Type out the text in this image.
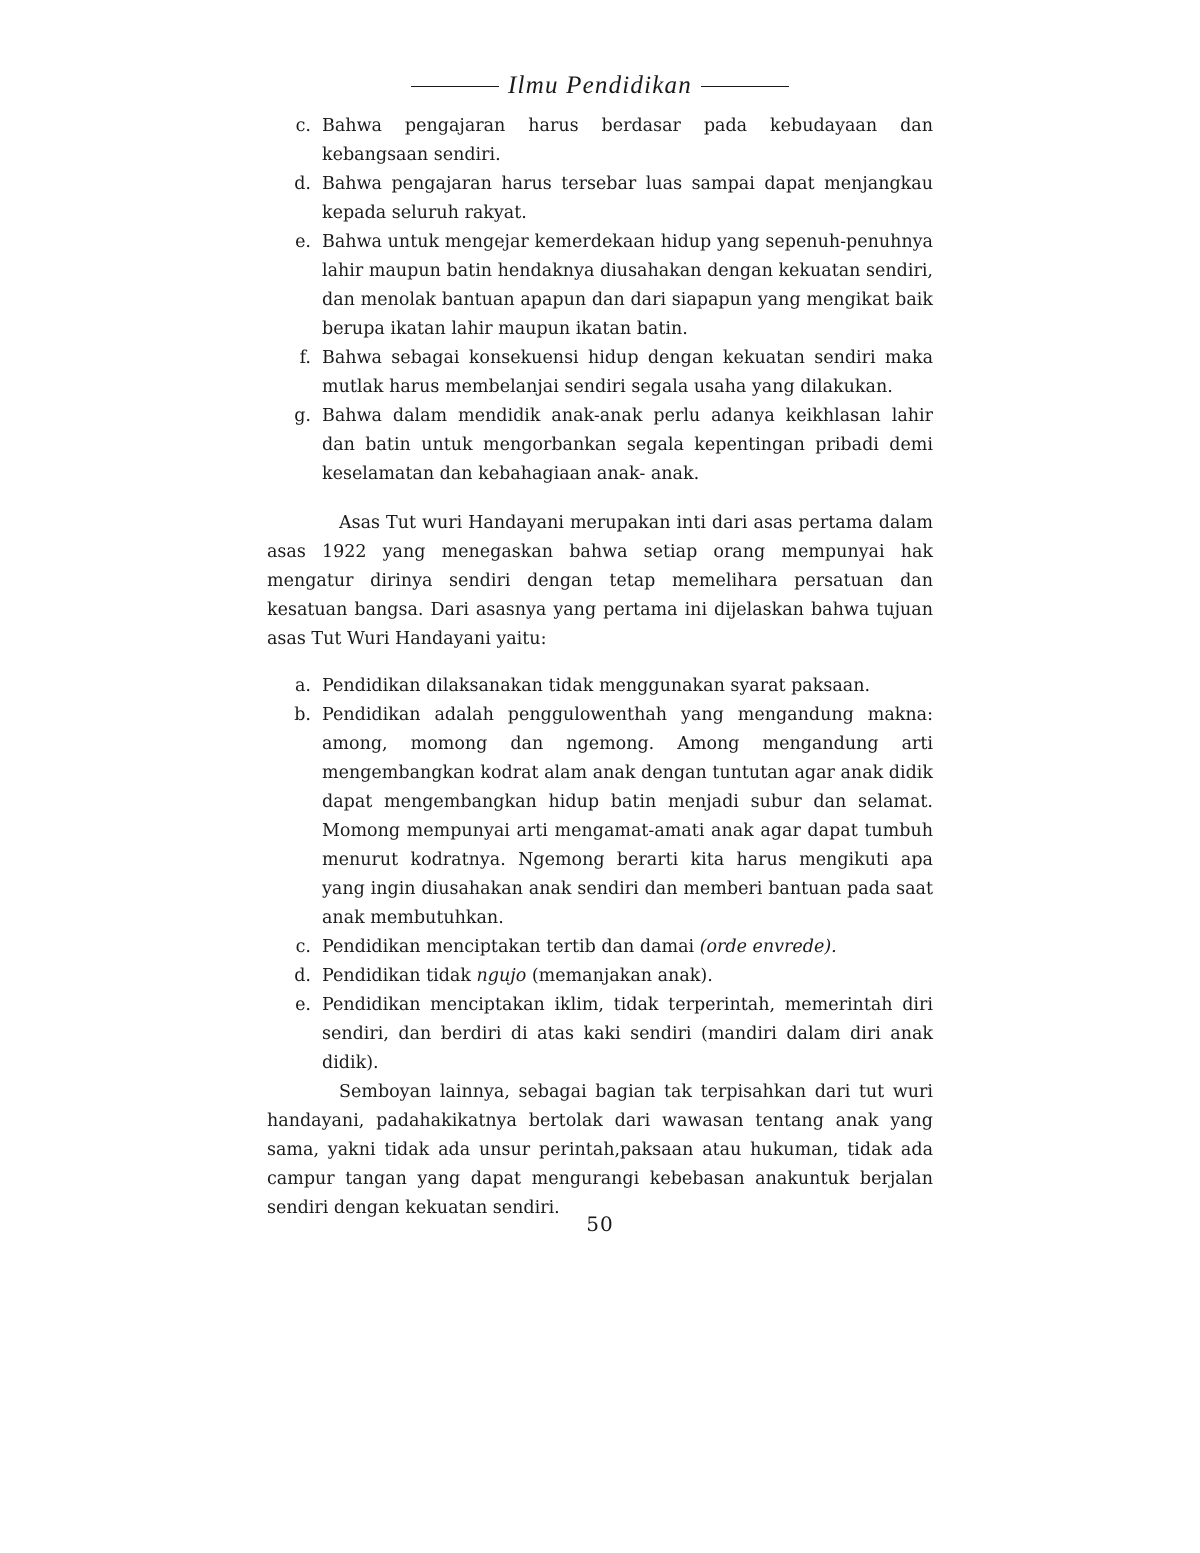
Ilmu Pendidikan
c. Bahwa pengajaran harus berdasar pada kebudayaan dan kebangsaan sendiri.
d. Bahwa pengajaran harus tersebar luas sampai dapat menjangkau kepada seluruh rakyat.
e. Bahwa untuk mengejar kemerdekaan hidup yang sepenuh-penuhnya lahir maupun batin hendaknya diusahakan dengan kekuatan sendiri, dan menolak bantuan apapun dan dari siapapun yang mengikat baik berupa ikatan lahir maupun ikatan batin.
f. Bahwa sebagai konsekuensi hidup dengan kekuatan sendiri maka mutlak harus membelanjai sendiri segala usaha yang dilakukan.
g. Bahwa dalam mendidik anak-anak perlu adanya keikhlasan lahir dan batin untuk mengorbankan segala kepentingan pribadi demi keselamatan dan kebahagiaan anak- anak.

Asas Tut wuri Handayani merupakan inti dari asas pertama dalam asas 1922 yang menegaskan bahwa setiap orang mempunyai hak mengatur dirinya sendiri dengan tetap memelihara persatuan dan kesatuan bangsa. Dari asasnya yang pertama ini dijelaskan bahwa tujuan asas Tut Wuri Handayani yaitu:

a. Pendidikan dilaksanakan tidak menggunakan syarat paksaan.
b. Pendidikan adalah penggulowenthah yang mengandung makna: among, momong dan ngemong. Among mengandung arti mengembangkan kodrat alam anak dengan tuntutan agar anak didik dapat mengembangkan hidup batin menjadi subur dan selamat. Momong mempunyai arti mengamat-amati anak agar dapat tumbuh menurut kodratnya. Ngemong berarti kita harus mengikuti apa yang ingin diusahakan anak sendiri dan memberi bantuan pada saat anak membutuhkan.
c. Pendidikan menciptakan tertib dan damai (orde envrede).
d. Pendidikan tidak ngujo (memanjakan anak).
e. Pendidikan menciptakan iklim, tidak terperintah, memerintah diri sendiri, dan berdiri di atas kaki sendiri (mandiri dalam diri anak didik).

Semboyan lainnya, sebagai bagian tak terpisahkan dari tut wuri handayani, padahakikatnya bertolak dari wawasan tentang anak yang sama, yakni tidak ada unsur perintah,paksaan atau hukuman, tidak ada campur tangan yang dapat mengurangi kebebasan anakuntuk berjalan sendiri dengan kekuatan sendiri.

50
